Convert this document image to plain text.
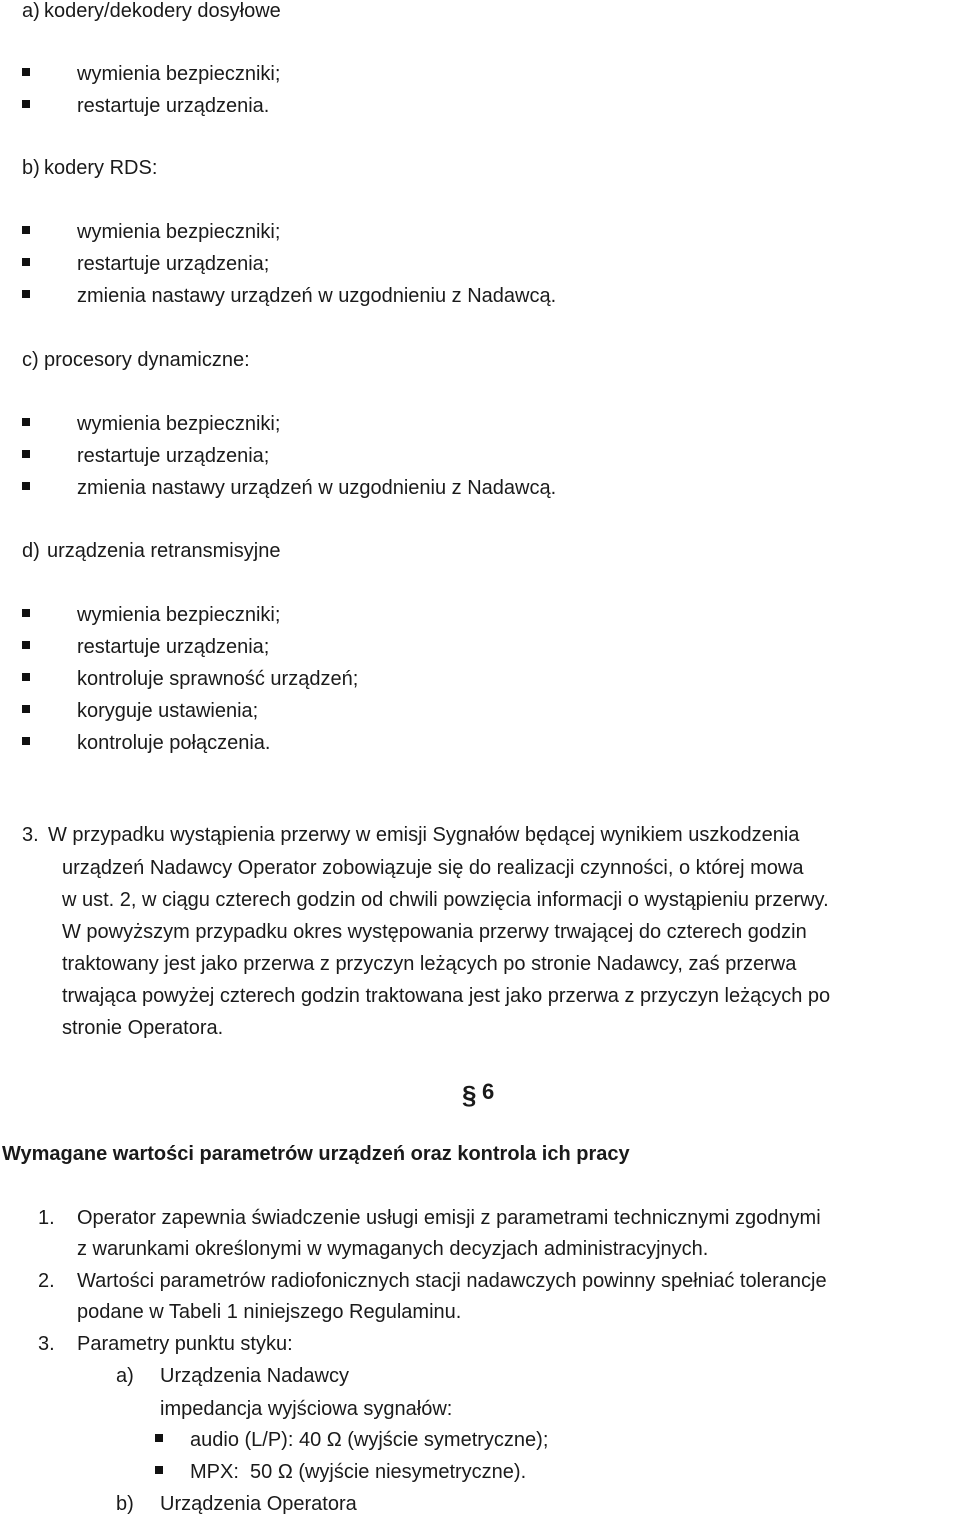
a) kodery/dekodery dosyłowe
wymienia bezpieczniki;
restartuje urządzenia.
b) kodery RDS:
wymienia bezpieczniki;
restartuje urządzenia;
zmienia nastawy urządzeń w uzgodnieniu z Nadawcą.
c) procesory dynamiczne:
wymienia bezpieczniki;
restartuje urządzenia;
zmienia nastawy urządzeń w uzgodnieniu z Nadawcą.
d) urządzenia retransmisyjne
wymienia bezpieczniki;
restartuje urządzenia;
kontroluje sprawność urządzeń;
koryguje ustawienia;
kontroluje połączenia.
3. W przypadku wystąpienia przerwy w emisji Sygnałów będącej wynikiem uszkodzenia
urządzeń Nadawcy Operator zobowiązuje się do realizacji czynności, o której mowa
w ust. 2, w ciągu czterech godzin od chwili powzięcia informacji o wystąpieniu przerwy.
W powyższym przypadku okres występowania przerwy trwającej do czterech godzin
traktowany jest jako przerwa z przyczyn leżących po stronie Nadawcy, zaś przerwa
trwająca powyżej czterech godzin traktowana jest jako przerwa z przyczyn leżących po
stronie Operatora.
§ 6
Wymagane wartości parametrów urządzeń oraz kontrola ich pracy
1. Operator zapewnia świadczenie usługi emisji z parametrami technicznymi zgodnymi
z warunkami określonymi w wymaganych decyzjach administracyjnych.
2. Wartości parametrów radiofonicznych stacji nadawczych powinny spełniać tolerancje
podane w Tabeli 1 niniejszego Regulaminu.
3. Parametry punktu styku:
a) Urządzenia Nadawcy
impedancja wyjściowa sygnałów:
audio (L/P): 40 Ω (wyjście symetryczne);
MPX:  50 Ω (wyjście niesymetryczne).
b) Urządzenia Operatora
